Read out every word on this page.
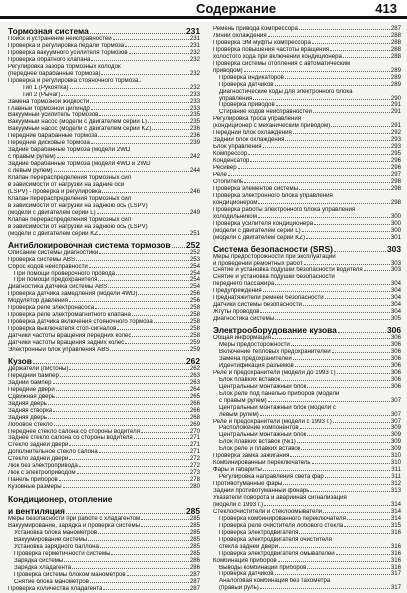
Содержание	413
Тормозная система	231
Поиск и устранение неисправностей	231
Проверка и регулировка педали тормоза	231
Проверка вакуумного усилителя тормозов	232
Проверка обратного клапана	232
Регулировка зазора тормозных колодок
(переднее барабанные тормоза)	232
Проверка и регулировка стояночного тормоза..
Тип 1 (Рукоятка)	232
Тип 2 (Рычаг)	233
Замена тормозной жидкости	233
Главный тормозной цилиндр	233
Вакуумный усилитель тормозов	235
Вакуумный насос (модели с двигателем серии L)	235
Вакуумный насос (модели с двигателем серии KZ)	236
Передние барабанные тормоза	236
Передние дисковые тормоза	239
Задние барабанные тормоза (модели 2WD
с правым рулем)	242
Задние барабанные тормоза (модели 4WD и 2WD
с левым рулем)	244
Клапан перераспределения тормозных сил
в зависимости от нагрузки на задние оси
(LSPV) - проверка и регулировка	246
Клапан перераспределения тормозных сил
в зависимости от нагрузки на заднюю ось (LSPV)
(модели с двигателем серии L)	249
Клапан перераспределения тормозных сил
в зависимости от нагрузки на заднюю ось (LSPV)
(модели с двигателем серии KZ	251
Антиблокировочная система тормозов 252
Описание системы диагностики	252
Проверка системы ABS	253
Сброс кодов неисправности	254
При помощи проверочного провода	254
При помощи предохранителя	254
Диагностика датчика системы ABS	254
Проверка датчика замедления (модели 4WD)	256
Модулятор давления	256
Проверка реле электронасоса	258
Проверка реле электромагнитного клапана	258
Проверка датчика включения стояночного тормоза	258
Проверка выключателя стоп-сигналов	258
Датчики частоты вращения передних колес	258
Датчики частоты вращения задних колес	259
Электронный блок управления ABS	259
Кузов	262
Держатели (пистоны)	262
Передний бампер	263
Задний бампер	263
Передние двери	264
Сдвижная дверь	265
Задняя дверь	266
Задняя створка	266
Задняя дверь	268
Лобовое стекло	269
Переднее стекло салона со стороны водителя	270
Заднее стекло салона со стороны водителя	271
Стекло задней двери	271
Дополнительное стекло салона	271
Стекло задней двери	272
Люк без электропривода	272
Люк с электроприводом	273
Панель приборов	278
Кузовные размеры	280
Кондиционер, отопление
и вентиляция	285
Меры безопасности при работе с хладагентом	285
Вакуумирование, зарядка и проверка системы	285
Установка блока манометров	285
Вакуумирование системы	285
Установка зарядного баллона	285
Проверка герметичности системы	285
Зарядка системы	286
Зарядка хладагента	286
Проверка системы блоком манометров	287
Снятие блока манометров	287
Проверка количества хладагента	287
Ремень привода компрессора	287
Линии охлаждения	288
Проверка ЭМ муфты компрессора	288
Проверка повышения частоты вращения	288
холостого хода при включении кондиционера	288
Проверка системы отопления с автоматическим
приводом)	289
Проверка индикаторов	289
Проверка датчиков	289
Диагностические коды для электронного блока
управления	290
Проверка приводов	291
Стирание кодов неисправностей	291
Регулировка троса управления
(кондиционер с механическим приводом)	291
Передний блок охлаждения	292
Задний блок охлаждения	293
Блок управления	293
Компрессор	295
Конденсатор	296
Ресивер	296
Реле	297
Отопитель	298
Проверка элементов системы	298
Проверка электронного блока управления
кондиционером	298
Проверка работы электронного блока управления
холодильником	300
Проверка усилителя кондиционера	300
(модели с двигателем серии L)	300
(модели с двигателем серии KZ)	301
Система безопасности (SRS)	303
Меры предосторожности при эксплуатации
и проведении ремонтных работ	303
Снятие и установка подушки безопасности водителя	303
Снятие и установка подушки безопасности
переднего пассажира	304
Предупреждения	304
Преднатяжители ремней безопасности	304
Датчики системы безопасности	304
Жгуты проводов	304
Диагностика системы	305
Электрооборудование кузова	306
Общая информация	306
Меры предосторожности	306
Включение тепловых предохранителей	306
Замена предохранителей	306
Идентификация разъемов	306
Реле и предохранители (модели до 1993 г.)	306
Блок плавких вставок	306
Центральный монтажный блок	306
Блок реле под панелью приборов (модели
с правым рулем)	307
Центральный монтажный блок (модели с
левым рулем)	307
Реле и предохранители (модели с 1993 г.)	307
Расположение компонентов	309
Центральный монтажный блок	309
Блок плавких вставок (№1)	309
Блок реле и плавких вставок	309
Проверка замка зажигания	310
Комбинированный переключатель	310
Фары и габариты	311
Регулировка направления света фар	311
Противотуманные фары	312
Задний противотуманный фонарь	313
Указатели поворота и аварийная сигнализация
(модели с 1993 г.)	314
Стеклоочистители и стеклоомыватели	314
Проверка комбинированного переключателя	314
Проверка реле очистителя лобового стекла	315
Проверка электродвигателя	316
Проверка электродвигателя очистителя
стекла задней двери	316
Проверка электродвигателя омывателей	316
Комбинация приборов	316
Выводы комбинации приборов	316
Проверка датчиков	317
Аналоговая комбинация без тахометра
(правый руль)	317
